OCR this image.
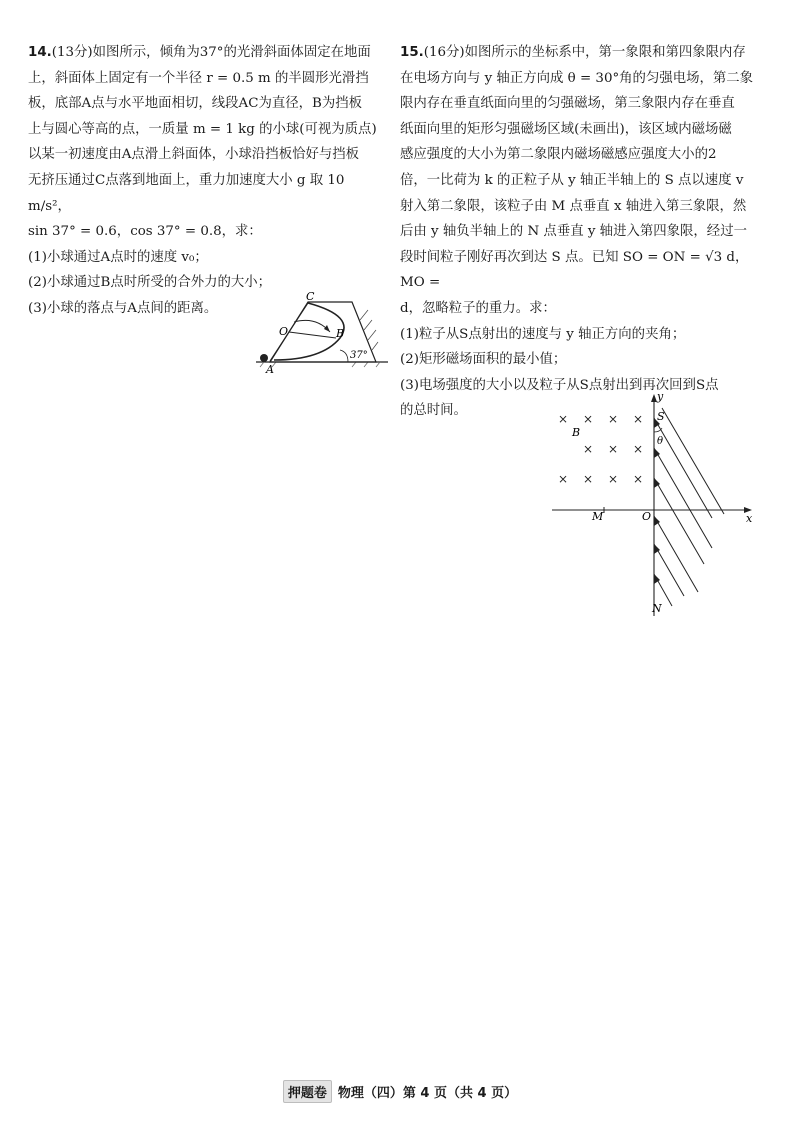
14.(13分)如图所示，倾角为37°的光滑斜面体固定在地面

上，斜面体上固定有一个半径 r = 0.5 m 的半圆形光滑挡

板，底部A点与水平地面相切，线段AC为直径，B为挡板

上与圆心等高的点，一质量 m = 1 kg 的小球(可视为质点)

以某一初速度由A点滑上斜面体，小球沿挡板恰好与挡板

无挤压通过C点落到地面上，重力加速度大小 g 取 10 m/s²，

sin 37° = 0.6，cos 37° = 0.8，求：

(1)小球通过A点时的速度 v₀；

(2)小球通过B点时所受的合外力的大小；

(3)小球的落点与A点间的距离。

C
O	B
A
37°

15.(16分)如图所示的坐标系中，第一象限和第四象限内存

在电场方向与 y 轴正方向成 θ = 30°角的匀强电场，第二象

限内存在垂直纸面向里的匀强磁场，第三象限内存在垂直

纸面向里的矩形匀强磁场区域(未画出)，该区域内磁场磁

感应强度的大小为第二象限内磁场磁感应强度大小的2

倍，一比荷为 k 的正粒子从 y 轴正半轴上的 S 点以速度 v

射入第二象限，该粒子由 M 点垂直 x 轴进入第三象限，然

后由 y 轴负半轴上的 N 点垂直 y 轴进入第四象限，经过一

段时间粒子刚好再次到达 S 点。已知 SO = ON = √3 d，MO =

d，忽略粒子的重力。求：

(1)粒子从S点射出的速度与 y 轴正方向的夹角；

(2)矩形磁场面积的最小值；

(3)电场强度的大小以及粒子从S点射出到再次回到S点

的总时间。

× × × ×
× × ×
× × × ×
y
S
B
θ
M	O	x
N
押题卷 物理（四）第 4 页（共 4 页）
